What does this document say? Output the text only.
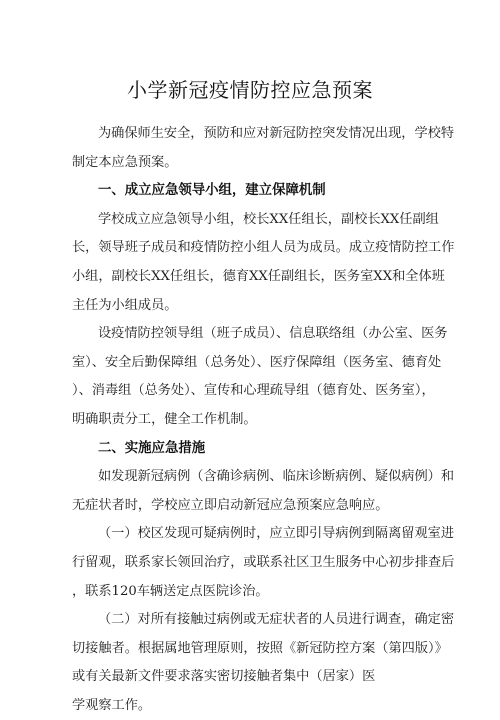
小学新冠疫情防控应急预案
为确保师生安全，预防和应对新冠防控突发情况出现，学校特
制定本应急预案。
一、成立应急领导小组，建立保障机制
学校成立应急领导小组，校长XX任组长，副校长XX任副组
长，领导班子成员和疫情防控小组人员为成员。成立疫情防控工作
小组，副校长XX任组长，德育XX任副组长，医务室XX和全体班
主任为小组成员。
设疫情防控领导组（班子成员）、信息联络组（办公室、医务
室）、安全后勤保障组（总务处）、医疗保障组（医务室、德育处
）、消毒组（总务处）、宣传和心理疏导组（德育处、医务室），
明确职责分工，健全工作机制。
二、实施应急措施
如发现新冠病例（含确诊病例、临床诊断病例、疑似病例）和
无症状者时，学校应立即启动新冠应急预案应急响应。
（一）校区发现可疑病例时，应立即引导病例到隔离留观室进
行留观，联系家长领回治疗，或联系社区卫生服务中心初步排查后
，联系120车辆送定点医院诊治。
（二）对所有接触过病例或无症状者的人员进行调查，确定密
切接触者。根据属地管理原则，按照《新冠防控方案（第四版）》
或有关最新文件要求落实密切接触者集中（居家）医
学观察工作。
